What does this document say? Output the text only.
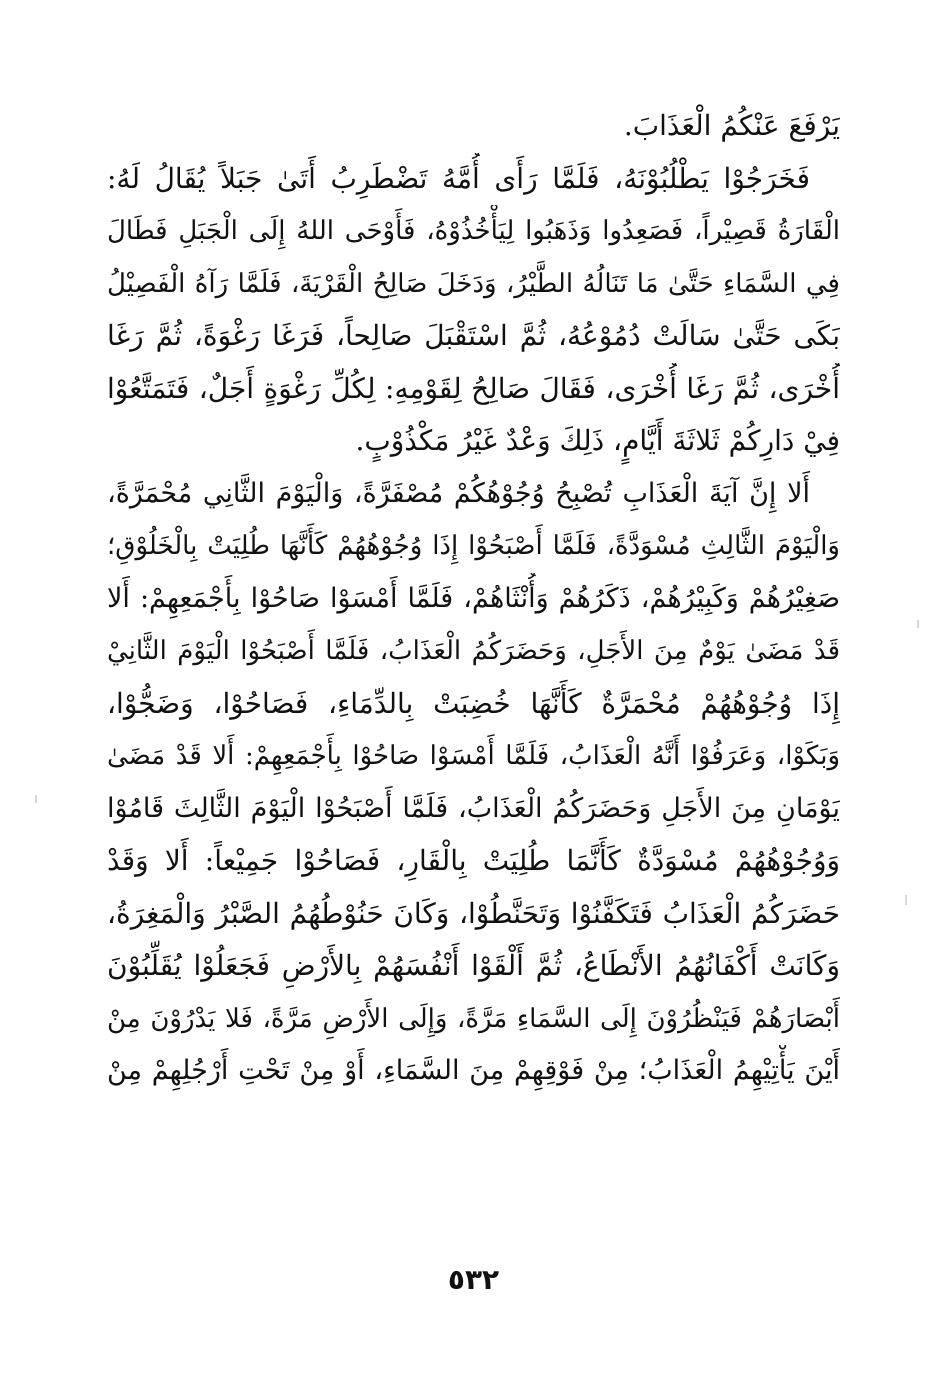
يَرْفَعَ عَنْكُمُ الْعَذَابَ.
فَخَرَجُوْا يَطْلُبُوْنَهُ، فَلَمَّا رَأَى أُمَّهُ تَضْطَرِبُ أَتَىٰ جَبَلاً يُقَالُ لَهُ:
الْقَارَةُ قَصِيْراً، فَصَعِدُوا وَذَهَبُوا لِيَأْخُذُوْهُ، فَأَوْحَى اللهُ إِلَى الْجَبَلِ فَطَالَ
فِي السَّمَاءِ حَتَّىٰ مَا تَنَالُهُ الطَّيْرُ، وَدَخَلَ صَالِحُ الْقَرْيَةَ، فَلَمَّا رَآهُ الْفَصِيْلُ
بَكَى حَتَّىٰ سَالَتْ دُمُوْعُهُ، ثُمَّ اسْتَقْبَلَ صَالِحاً، فَرَغَا رَغْوَةً، ثُمَّ رَغَا
أُخْرَى، ثُمَّ رَغَا أُخْرَى، فَقَالَ صَالِحُ لِقَوْمِهِ: لِكُلِّ رَغْوَةٍ أَجَلٌ، فَتَمَتَّعُوْا
فِيْ دَارِكُمْ ثَلاثَةَ أَيَّامٍ، ذَلِكَ وَعْدٌ غَيْرُ مَكْذُوْبٍ.
أَلا إِنَّ آيَةَ الْعَذَابِ تُصْبِحُ وُجُوْهُكُمْ مُصْفَرَّةً، وَالْيَوْمَ الثَّانِي مُحْمَرَّةً،
وَالْيَوْمَ الثَّالِثِ مُسْوَدَّةً، فَلَمَّا أَصْبَحُوْا إِذَا وُجُوْهُهُمْ كَأَنَّهَا طُلِيَتْ بِالْخَلُوْقِ؛
صَغِيْرُهُمْ وَكَبِيْرُهُمْ، ذَكَرُهُمْ وَأُنْثَاهُمْ، فَلَمَّا أَمْسَوْا صَاحُوْا بِأَجْمَعِهِمْ: أَلا
قَدْ مَضَىٰ يَوْمٌ مِنَ الأَجَلِ، وَحَضَرَكُمُ الْعَذَابُ، فَلَمَّا أَصْبَحُوْا الْيَوْمَ الثَّانِيْ
إِذَا وُجُوْهُهُمْ مُحْمَرَّةٌ كَأَنَّهَا خُضِبَتْ بِالدِّمَاءِ، فَصَاحُوْا، وَضَجُّوْا،
وَبَكَوْا، وَعَرَفُوْا أَنَّهُ الْعَذَابُ، فَلَمَّا أَمْسَوْا صَاحُوْا بِأَجْمَعِهِمْ: أَلا قَدْ مَضَىٰ
يَوْمَانِ مِنَ الأَجَلِ وَحَضَرَكُمُ الْعَذَابُ، فَلَمَّا أَصْبَحُوْا الْيَوْمَ الثَّالِثَ قَامُوْا
وَوُجُوْهُهُمْ مُسْوَدَّةٌ كَأَنَّمَا طُلِيَتْ بِالْقَارِ، فَصَاحُوْا جَمِيْعاً: أَلا وَقَدْ
حَضَرَكُمُ الْعَذَابُ فَتَكَفَّنُوْا وَتَحَنَّطُوْا، وَكَانَ حَنُوْطُهُمُ الصَّبْرُ وَالْمَغِرَةُ،
وَكَانَتْ أَكْفَانُهُمُ الأَنْطَاعُ، ثُمَّ أَلْقَوْا أَنْفُسَهُمْ بِالأَرْضِ فَجَعَلُوْا يُقَلِّبُوْنَ
أَبْصَارَهُمْ فَيَنْظُرُوْنَ إِلَى السَّمَاءِ مَرَّةً، وَإِلَى الأَرْضِ مَرَّةً، فَلا يَدْرُوْنَ مِنْ
أَيْنَ يَأْتِيْهِمُ الْعَذَابُ؛ مِنْ فَوْقِهِمْ مِنَ السَّمَاءِ، أَوْ مِنْ تَحْتِ أَرْجُلِهِمْ مِنْ
٥٣٢
